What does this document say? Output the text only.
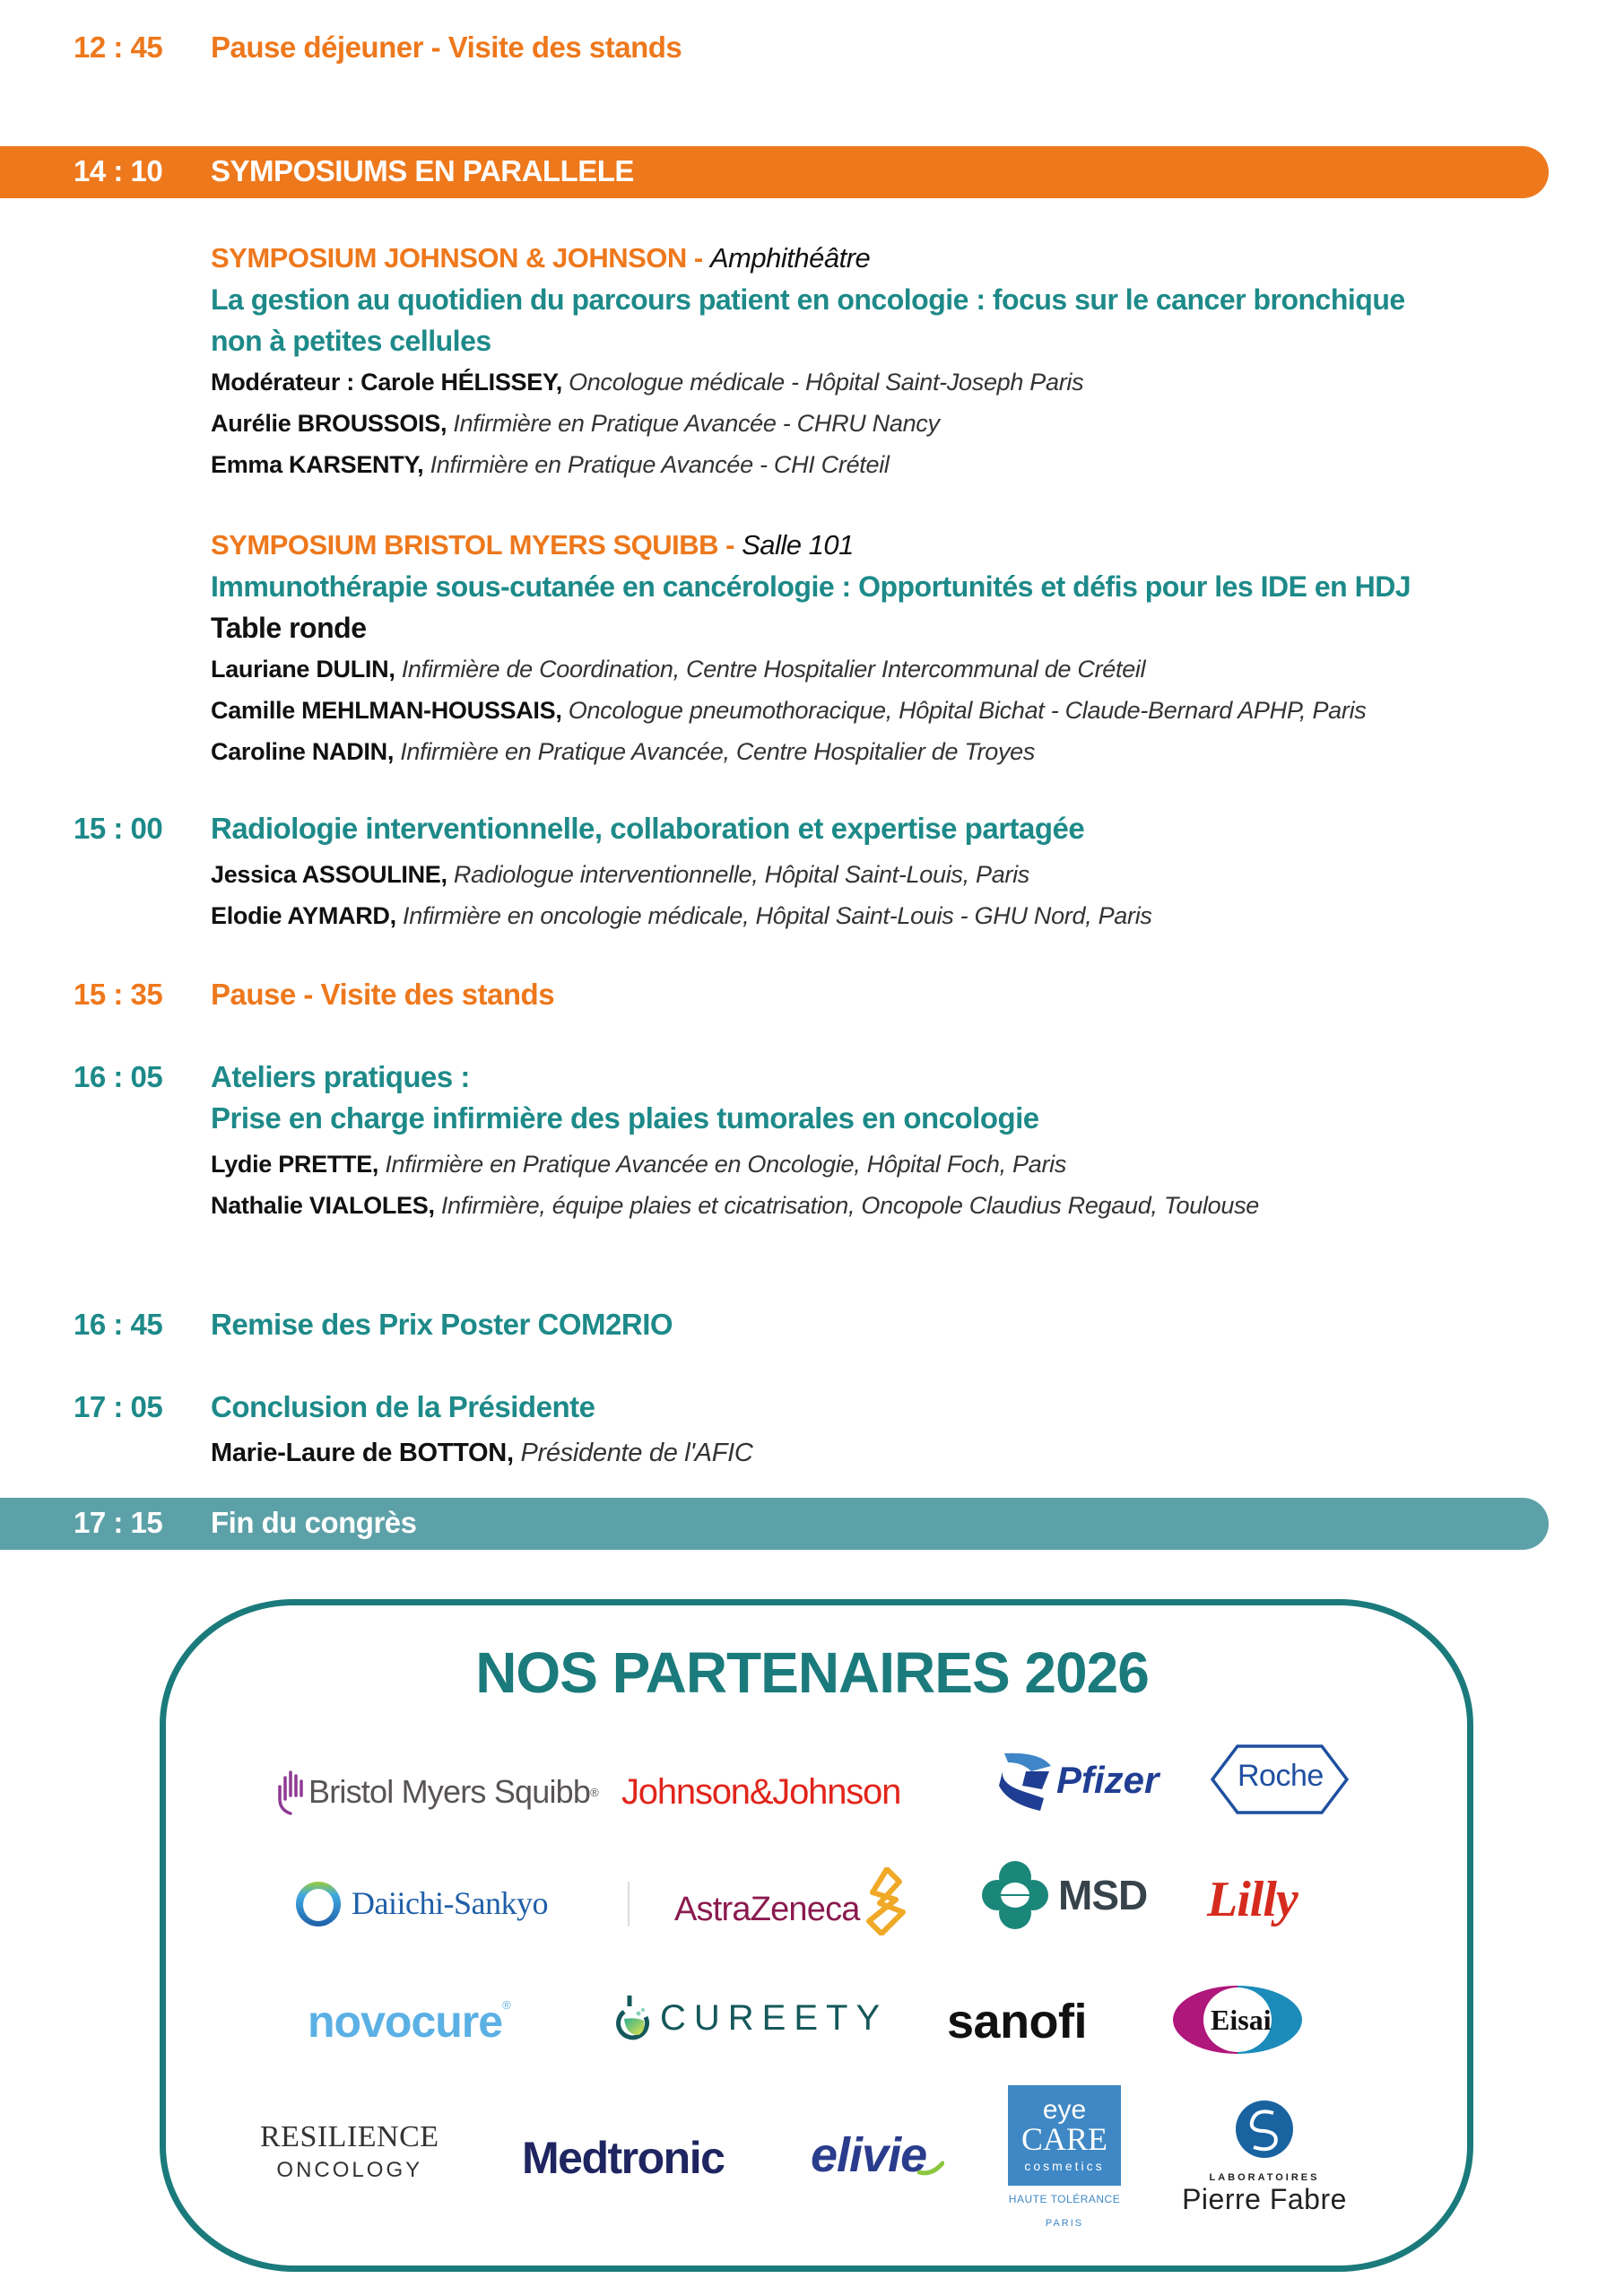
12 : 45 Pause déjeuner - Visite des stands
14 : 10 SYMPOSIUMS EN PARALLELE
SYMPOSIUM JOHNSON & JOHNSON - Amphithéâtre
La gestion au quotidien du parcours patient en oncologie : focus sur le cancer bronchique
non à petites cellules
Modérateur : Carole HÉLISSEY, Oncologue médicale - Hôpital Saint-Joseph Paris
Aurélie BROUSSOIS, Infirmière en Pratique Avancée - CHRU Nancy
Emma KARSENTY, Infirmière en Pratique Avancée - CHI Créteil
SYMPOSIUM BRISTOL MYERS SQUIBB - Salle 101
Immunothérapie sous-cutanée en cancérologie : Opportunités et défis pour les IDE en HDJ
Table ronde
Lauriane DULIN, Infirmière de Coordination, Centre Hospitalier Intercommunal de Créteil
Camille MEHLMAN-HOUSSAIS, Oncologue pneumothoracique, Hôpital Bichat - Claude-Bernard APHP, Paris
Caroline NADIN, Infirmière en Pratique Avancée, Centre Hospitalier de Troyes
15 : 00 Radiologie interventionnelle, collaboration et expertise partagée
Jessica ASSOULINE, Radiologue interventionnelle, Hôpital Saint-Louis, Paris
Elodie AYMARD, Infirmière en oncologie médicale, Hôpital Saint-Louis - GHU Nord, Paris
15 : 35 Pause - Visite des stands
16 : 05 Ateliers pratiques :
Prise en charge infirmière des plaies tumorales en oncologie
Lydie PRETTE, Infirmière en Pratique Avancée en Oncologie, Hôpital Foch, Paris
Nathalie VIALOLES, Infirmière, équipe plaies et cicatrisation, Oncopole Claudius Regaud, Toulouse
16 : 45 Remise des Prix Poster COM2RIO
17 : 05 Conclusion de la Présidente
Marie-Laure de BOTTON, Présidente de l'AFIC
17 : 15 Fin du congrès
NOS PARTENAIRES 2026
Bristol Myers Squibb ® Johnson&Johnson	Pfizer	Roche
Daiichi-Sankyo	AstraZeneca	MSD Lilly
novo cure®	CUREETY sanofi	Eisai
RESILIENCE
ONCOLOGY Medtronic elivie
eye
CARE
cosmetics
HAUTE TOLÉRANCE
PARIS
LABORATOIRES
Pierre Fabre
